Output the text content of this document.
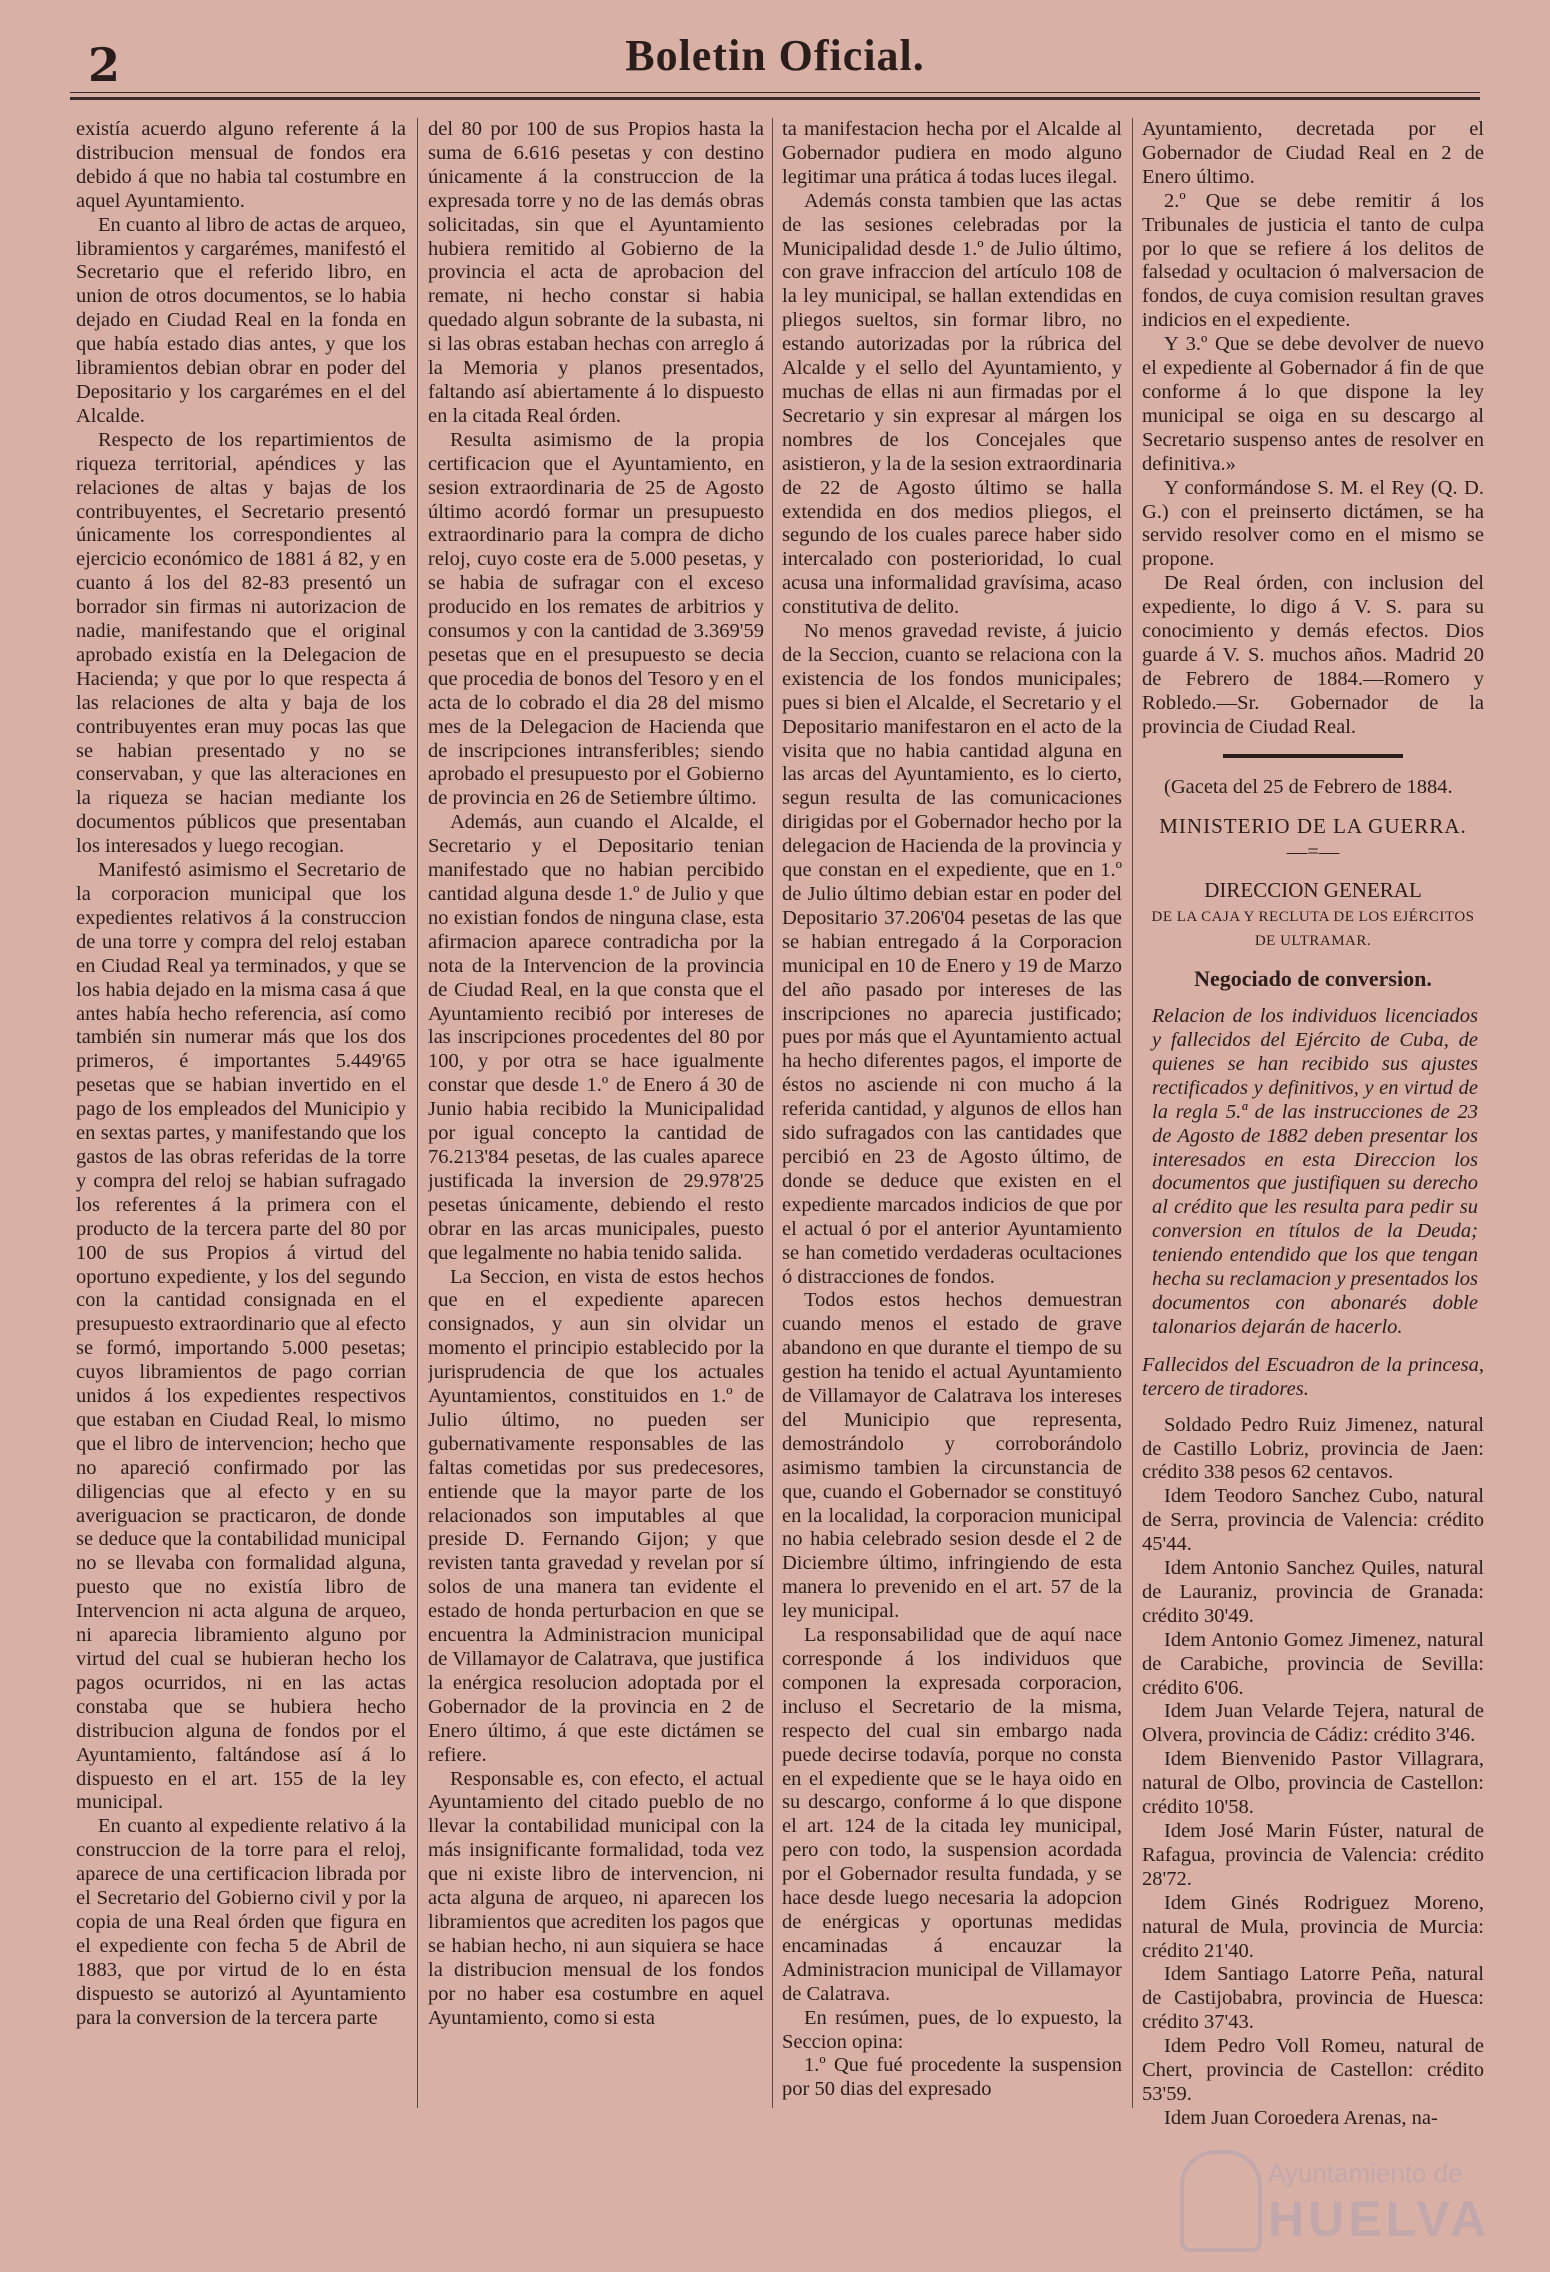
2	Boletin Oficial.

existía acuerdo alguno referente á la distribucion mensual de fondos era debido á que no habia tal costumbre en aquel Ayuntamiento.

En cuanto al libro de actas de arqueo, libramientos y cargarémes, manifestó el Secretario que el referido libro, en union de otros documentos, se lo habia dejado en Ciudad Real en la fonda en que había estado dias antes, y que los libramientos debian obrar en poder del Depositario y los cargarémes en el del Alcalde.

Respecto de los repartimientos de riqueza territorial, apéndices y las relaciones de altas y bajas de los contribuyentes, el Secretario presentó únicamente los correspondientes al ejercicio económico de 1881 á 82, y en cuanto á los del 82-83 presentó un borrador sin firmas ni autorizacion de nadie, manifestando que el original aprobado existía en la Delegacion de Hacienda; y que por lo que respecta á las relaciones de alta y baja de los contribuyentes eran muy pocas las que se habian presentado y no se conservaban, y que las alteraciones en la riqueza se hacian mediante los documentos públicos que presentaban los interesados y luego recogian.

Manifestó asimismo el Secretario de la corporacion municipal que los expedientes relativos á la construccion de una torre y compra del reloj estaban en Ciudad Real ya terminados, y que se los habia dejado en la misma casa á que antes había hecho referencia, así como también sin numerar más que los dos primeros, é importantes 5.449'65 pesetas que se habian invertido en el pago de los empleados del Municipio y en sextas partes, y manifestando que los gastos de las obras referidas de la torre y compra del reloj se habian sufragado los referentes á la primera con el producto de la tercera parte del 80 por 100 de sus Propios á virtud del oportuno expediente, y los del segundo con la cantidad consignada en el presupuesto extraordinario que al efecto se formó, importando 5.000 pesetas; cuyos libramientos de pago corrian unidos á los expedientes respectivos que estaban en Ciudad Real, lo mismo que el libro de intervencion; hecho que no apareció confirmado por las diligencias que al efecto y en su averiguacion se practicaron, de donde se deduce que la contabilidad municipal no se llevaba con formalidad alguna, puesto que no existía libro de Intervencion ni acta alguna de arqueo, ni aparecia libramiento alguno por virtud del cual se hubieran hecho los pagos ocurridos, ni en las actas constaba que se hubiera hecho distribucion alguna de fondos por el Ayuntamiento, faltándose así á lo dispuesto en el art. 155 de la ley municipal.

En cuanto al expediente relativo á la construccion de la torre para el reloj, aparece de una certificacion librada por el Secretario del Gobierno civil y por la copia de una Real órden que figura en el expediente con fecha 5 de Abril de 1883, que por virtud de lo en ésta dispuesto se autorizó al Ayuntamiento para la conversion de la tercera parte

del 80 por 100 de sus Propios hasta la suma de 6.616 pesetas y con destino únicamente á la construccion de la expresada torre y no de las demás obras solicitadas, sin que el Ayuntamiento hubiera remitido al Gobierno de la provincia el acta de aprobacion del remate, ni hecho constar si habia quedado algun sobrante de la subasta, ni si las obras estaban hechas con arreglo á la Memoria y planos presentados, faltando así abiertamente á lo dispuesto en la citada Real órden.

Resulta asimismo de la propia certificacion que el Ayuntamiento, en sesion extraordinaria de 25 de Agosto último acordó formar un presupuesto extraordinario para la compra de dicho reloj, cuyo coste era de 5.000 pesetas, y se habia de sufragar con el exceso producido en los remates de arbitrios y consumos y con la cantidad de 3.369'59 pesetas que en el presupuesto se decia que procedia de bonos del Tesoro y en el acta de lo cobrado el dia 28 del mismo mes de la Delegacion de Hacienda que de inscripciones intransferibles; siendo aprobado el presupuesto por el Gobierno de provincia en 26 de Setiembre último.

Además, aun cuando el Alcalde, el Secretario y el Depositario tenian manifestado que no habian percibido cantidad alguna desde 1.º de Julio y que no existian fondos de ninguna clase, esta afirmacion aparece contradicha por la nota de la Intervencion de la provincia de Ciudad Real, en la que consta que el Ayuntamiento recibió por intereses de las inscripciones procedentes del 80 por 100, y por otra se hace igualmente constar que desde 1.º de Enero á 30 de Junio habia recibido la Municipalidad por igual concepto la cantidad de 76.213'84 pesetas, de las cuales aparece justificada la inversion de 29.978'25 pesetas únicamente, debiendo el resto obrar en las arcas municipales, puesto que legalmente no habia tenido salida.

La Seccion, en vista de estos hechos que en el expediente aparecen consignados, y aun sin olvidar un momento el principio establecido por la jurisprudencia de que los actuales Ayuntamientos, constituidos en 1.º de Julio último, no pueden ser gubernativamente responsables de las faltas cometidas por sus predecesores, entiende que la mayor parte de los relacionados son imputables al que preside D. Fernando Gijon; y que revisten tanta gravedad y revelan por sí solos de una manera tan evidente el estado de honda perturbacion en que se encuentra la Administracion municipal de Villamayor de Calatrava, que justifica la enérgica resolucion adoptada por el Gobernador de la provincia en 2 de Enero último, á que este dictámen se refiere.

Responsable es, con efecto, el actual Ayuntamiento del citado pueblo de no llevar la contabilidad municipal con la más insignificante formalidad, toda vez que ni existe libro de intervencion, ni acta alguna de arqueo, ni aparecen los libramientos que acrediten los pagos que se habian hecho, ni aun siquiera se hace la distribucion mensual de los fondos por no haber esa costumbre en aquel Ayuntamiento, como si esta

ta manifestacion hecha por el Alcalde al Gobernador pudiera en modo alguno legitimar una prática á todas luces ilegal.

Además consta tambien que las actas de las sesiones celebradas por la Municipalidad desde 1.º de Julio último, con grave infraccion del artículo 108 de la ley municipal, se hallan extendidas en pliegos sueltos, sin formar libro, no estando autorizadas por la rúbrica del Alcalde y el sello del Ayuntamiento, y muchas de ellas ni aun firmadas por el Secretario y sin expresar al márgen los nombres de los Concejales que asistieron, y la de la sesion extraordinaria de 22 de Agosto último se halla extendida en dos medios pliegos, el segundo de los cuales parece haber sido intercalado con posterioridad, lo cual acusa una informalidad gravísima, acaso constitutiva de delito.

No menos gravedad reviste, á juicio de la Seccion, cuanto se relaciona con la existencia de los fondos municipales; pues si bien el Alcalde, el Secretario y el Depositario manifestaron en el acto de la visita que no habia cantidad alguna en las arcas del Ayuntamiento, es lo cierto, segun resulta de las comunicaciones dirigidas por el Gobernador hecho por la delegacion de Hacienda de la provincia y que constan en el expediente, que en 1.º de Julio último debian estar en poder del Depositario 37.206'04 pesetas de las que se habian entregado á la Corporacion municipal en 10 de Enero y 19 de Marzo del año pasado por intereses de las inscripciones no aparecia justificado; pues por más que el Ayuntamiento actual ha hecho diferentes pagos, el importe de éstos no asciende ni con mucho á la referida cantidad, y algunos de ellos han sido sufragados con las cantidades que percibió en 23 de Agosto último, de donde se deduce que existen en el expediente marcados indicios de que por el actual ó por el anterior Ayuntamiento se han cometido verdaderas ocultaciones ó distracciones de fondos.

Todos estos hechos demuestran cuando menos el estado de grave abandono en que durante el tiempo de su gestion ha tenido el actual Ayuntamiento de Villamayor de Calatrava los intereses del Municipio que representa, demostrándolo y corroborándolo asimismo tambien la circunstancia de que, cuando el Gobernador se constituyó en la localidad, la corporacion municipal no habia celebrado sesion desde el 2 de Diciembre último, infringiendo de esta manera lo prevenido en el art. 57 de la ley municipal.

La responsabilidad que de aquí nace corresponde á los individuos que componen la expresada corporacion, incluso el Secretario de la misma, respecto del cual sin embargo nada puede decirse todavía, porque no consta en el expediente que se le haya oido en su descargo, conforme á lo que dispone el art. 124 de la citada ley municipal, pero con todo, la suspension acordada por el Gobernador resulta fundada, y se hace desde luego necesaria la adopcion de enérgicas y oportunas medidas encaminadas á encauzar la Administracion municipal de Villamayor de Calatrava.

En resúmen, pues, de lo expuesto, la Seccion opina:

1.º Que fué procedente la suspension por 50 dias del expresado

Ayuntamiento, decretada por el Gobernador de Ciudad Real en 2 de Enero último.

2.º Que se debe remitir á los Tribunales de justicia el tanto de culpa por lo que se refiere á los delitos de falsedad y ocultacion ó malversacion de fondos, de cuya comision resultan graves indicios en el expediente.

Y 3.º Que se debe devolver de nuevo el expediente al Gobernador á fin de que conforme á lo que dispone la ley municipal se oiga en su descargo al Secretario suspenso antes de resolver en definitiva.»

Y conformándose S. M. el Rey (Q. D. G.) con el preinserto dictámen, se ha servido resolver como en el mismo se propone.

De Real órden, con inclusion del expediente, lo digo á V. S. para su conocimiento y demás efectos. Dios guarde á V. S. muchos años. Madrid 20 de Febrero de 1884.—Romero y Robledo.—Sr. Gobernador de la provincia de Ciudad Real.

(Gaceta del 25 de Febrero de 1884.

MINISTERIO DE LA GUERRA.
—=—
DIRECCION GENERAL
DE LA CAJA Y RECLUTA DE LOS EJÉRCITOS DE ULTRAMAR.
Negociado de conversion.

Relacion de los individuos licenciados y fallecidos del Ejército de Cuba, de quienes se han recibido sus ajustes rectificados y definitivos, y en virtud de la regla 5.ª de las instrucciones de 23 de Agosto de 1882 deben presentar los interesados en esta Direccion los documentos que justifiquen su derecho al crédito que les resulta para pedir su conversion en títulos de la Deuda; teniendo entendido que los que tengan hecha su reclamacion y presentados los documentos con abonarés doble talonarios dejarán de hacerlo.

Fallecidos del Escuadron de la princesa, tercero de tiradores.

Soldado Pedro Ruiz Jimenez, natural de Castillo Lobriz, provincia de Jaen: crédito 338 pesos 62 centavos.

Idem Teodoro Sanchez Cubo, natural de Serra, provincia de Valencia: crédito 45'44.

Idem Antonio Sanchez Quiles, natural de Lauraniz, provincia de Granada: crédito 30'49.

Idem Antonio Gomez Jimenez, natural de Carabiche, provincia de Sevilla: crédito 6'06.

Idem Juan Velarde Tejera, natural de Olvera, provincia de Cádiz: crédito 3'46.

Idem Bienvenido Pastor Villagrara, natural de Olbo, provincia de Castellon: crédito 10'58.

Idem José Marin Fúster, natural de Rafagua, provincia de Valencia: crédito 28'72.

Idem Ginés Rodriguez Moreno, natural de Mula, provincia de Murcia: crédito 21'40.

Idem Santiago Latorre Peña, natural de Castijobabra, provincia de Huesca: crédito 37'43.

Idem Pedro Voll Romeu, natural de Chert, provincia de Castellon: crédito 53'59.

Idem Juan Coroedera Arenas, na-

Ayuntamiento de
HUELVA
